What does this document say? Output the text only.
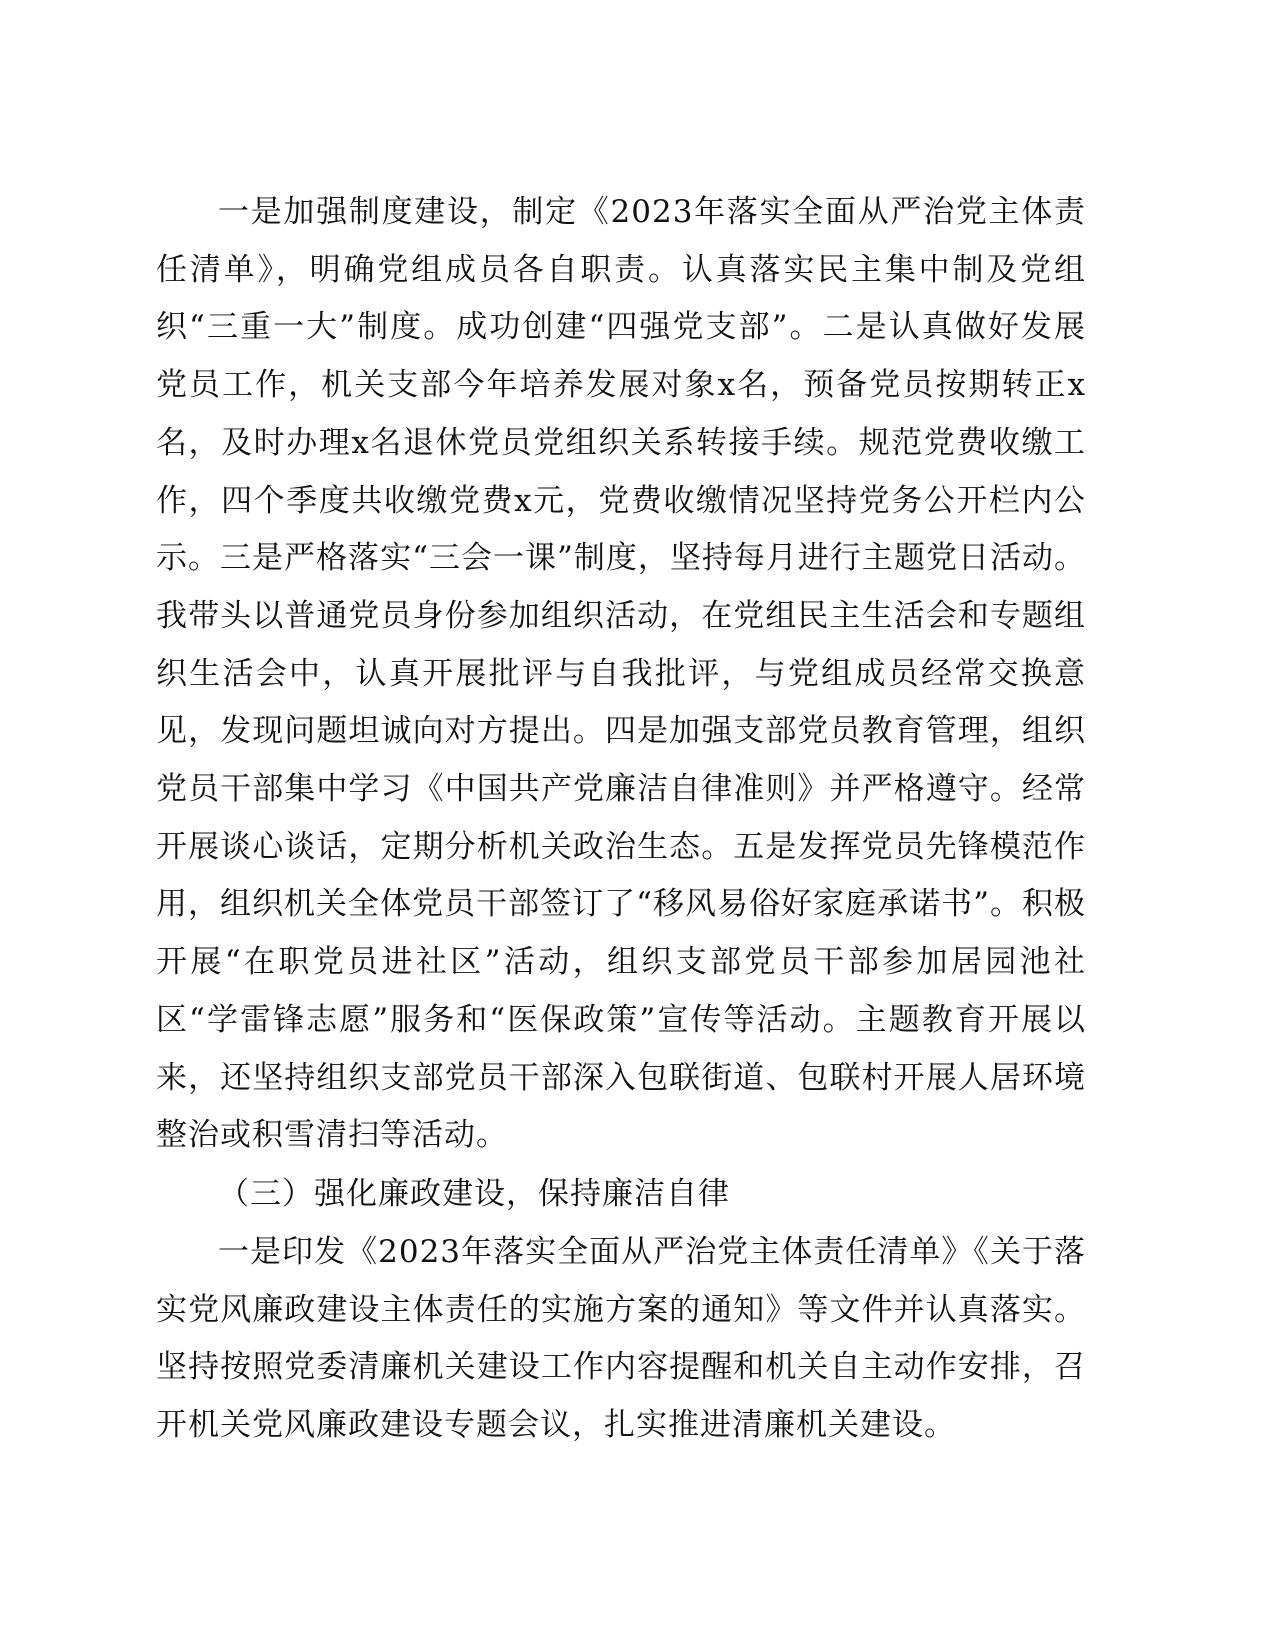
一是加强制度建设，制定《2023年落实全面从严治党主体责任清单》，明确党组成员各自职责。认真落实民主集中制及党组织“三重一大”制度。成功创建“四强党支部”。二是认真做好发展党员工作，机关支部今年培养发展对象x名，预备党员按期转正x名，及时办理x名退休党员党组织关系转接手续。规范党费收缴工作，四个季度共收缴党费x元，党费收缴情况坚持党务公开栏内公示。三是严格落实“三会一课”制度，坚持每月进行主题党日活动。我带头以普通党员身份参加组织活动，在党组民主生活会和专题组织生活会中，认真开展批评与自我批评，与党组成员经常交换意见，发现问题坦诚向对方提出。四是加强支部党员教育管理，组织党员干部集中学习《中国共产党廉洁自律准则》并严格遵守。经常开展谈心谈话，定期分析机关政治生态。五是发挥党员先锋模范作用，组织机关全体党员干部签订了“移风易俗好家庭承诺书”。积极开展“在职党员进社区”活动，组织支部党员干部参加居园池社区“学雷锋志愿”服务和“医保政策”宣传等活动。主题教育开展以来，还坚持组织支部党员干部深入包联街道、包联村开展人居环境整治或积雪清扫等活动。

（三）强化廉政建设，保持廉洁自律

一是印发《2023年落实全面从严治党主体责任清单》《关于落实党风廉政建设主体责任的实施方案的通知》等文件并认真落实。坚持按照党委清廉机关建设工作内容提醒和机关自主动作安排，召开机关党风廉政建设专题会议，扎实推进清廉机关建设。
